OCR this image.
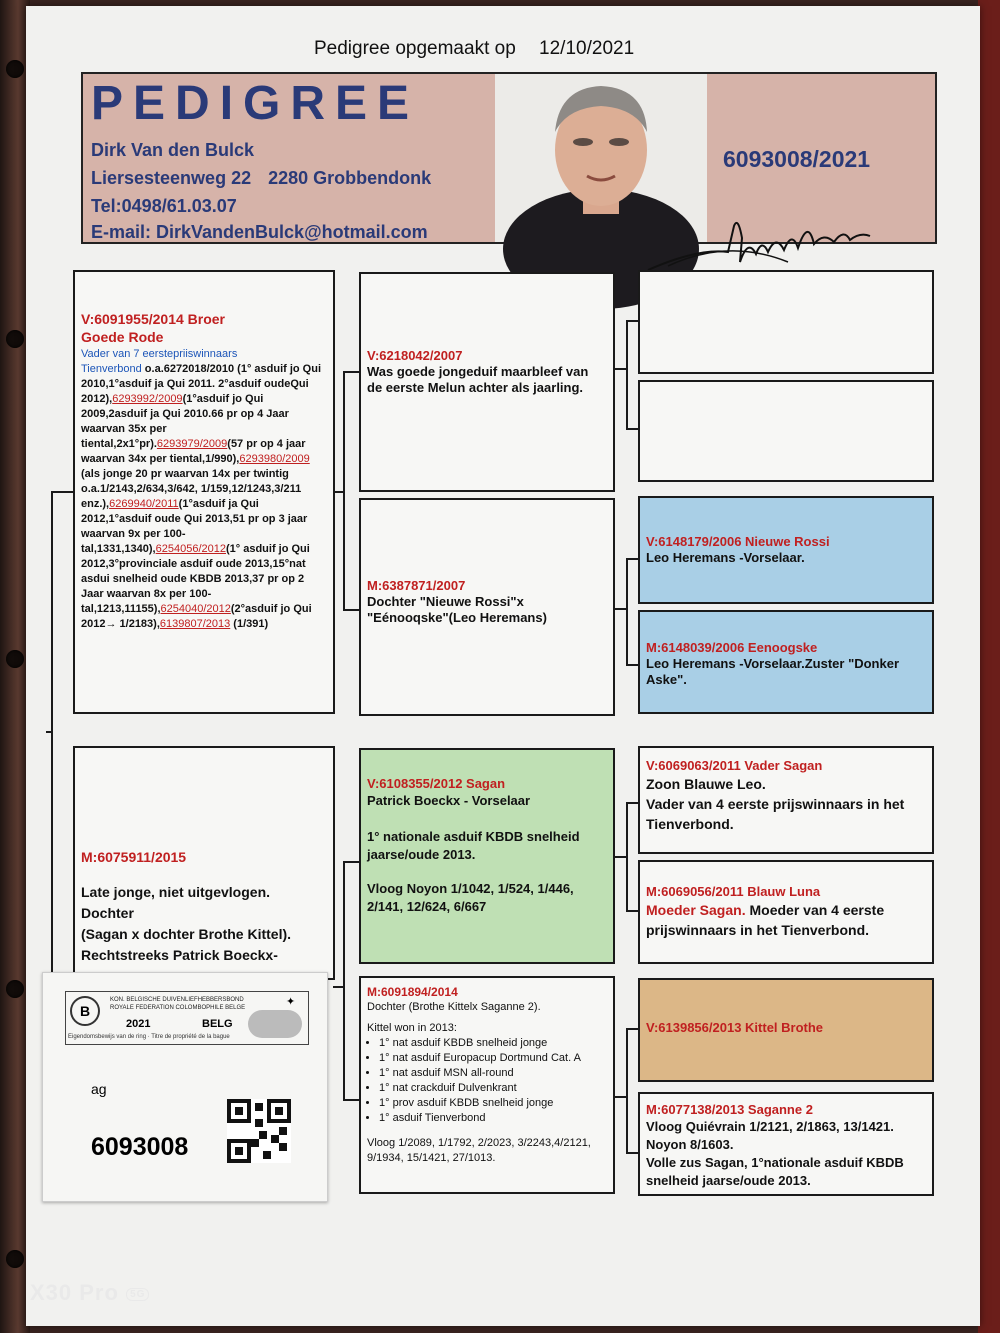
Pedigree opgemaakt op 12/10/2021
PEDIGREE
Dirk Van den Bulck
Liersesteenweg 22 2280 Grobbendonk
Tel:0498/61.03.07
E-mail: DirkVandenBulck@hotmail.com
6093008/2021
V:6091955/2014 Broer
Goede Rode
Vader van 7 eerstepriiswinnaars
Tienverbond o.a.6272018/2010 (1° asduif jo Qui 2010,1°asduif ja Qui 2011. 2°asduif oudeQui 2012),6293992/2009(1°asduif jo Qui 2009,2asduif ja Qui 2010.66 pr op 4 Jaar waarvan 35x per tiental,2x1°pr).6293979/2009(57 pr op 4 jaar waarvan 34x per tiental,1/990),6293980/2009 (als jonge 20 pr waarvan 14x per twintig o.a.1/2143,2/634,3/642, 1/159,12/1243,3/211 enz.),6269940/2011(1°asduif ja Qui 2012,1°asduif oude Qui 2013,51 pr op 3 jaar waarvan 9x per 100-tal,1331,1340),6254056/2012(1° asduif jo Qui 2012,3°provinciale asduif oude 2013,15°nat asdui snelheid oude KBDB 2013,37 pr op 2 Jaar waarvan 8x per 100-tal,1213,11155),6254040/2012(2°asduif jo Qui 2012→ 1/2183),6139807/2013 (1/391)
V:6218042/2007
Was goede jongeduif maarbleef van de eerste Melun achter als jaarling.
M:6387871/2007
Dochter "Nieuwe Rossi"x "Eénooqske"(Leo Heremans)
V:6148179/2006 Nieuwe Rossi
Leo Heremans -Vorselaar.
M:6148039/2006 Eenoogske
Leo Heremans -Vorselaar.Zuster "Donker Aske".
M:6075911/2015
Late jonge, niet uitgevlogen.
Dochter
(Sagan x dochter Brothe Kittel).
Rechtstreeks Patrick Boeckx-
B
KON. BELGISCHE DUIVENLIEFHEBBERSBOND
ROYALE FEDERATION COLOMBOPHILE BELGE	✦
2021	BELG
Eigendomsbewijs van de ring · Titre de propriété de la bague
ag
6093008
V:6108355/2012 Sagan
Patrick Boeckx - Vorselaar
1° nationale asduif KBDB snelheid jaarse/oude 2013.
Vloog Noyon 1/1042, 1/524, 1/446, 2/141, 12/624, 6/667
M:6091894/2014
Dochter (Brothe Kittelx Saganne 2).
Kittel won in 2013:
• 1° nat asduif KBDB snelheid jonge
• 1° nat asduif Europacup Dortmund Cat. A
• 1° nat asduif MSN all-round
• 1° nat crackduif Dulvenkrant
• 1° prov asduif KBDB snelheid jonge
• 1° asduif Tienverbond
Vloog 1/2089, 1/1792, 2/2023, 3/2243,4/2121, 9/1934, 15/1421, 27/1013.
V:6069063/2011 Vader Sagan
Zoon Blauwe Leo.
Vader van 4 eerste prijswinnaars in het Tienverbond.
M:6069056/2011 Blauw Luna
Moeder Sagan. Moeder van 4 eerste prijswinnaars in het Tienverbond.
V:6139856/2013 Kittel Brothe
M:6077138/2013 Saganne 2
Vloog Quiévrain 1/2121, 2/1863, 13/1421. Noyon 8/1603.
Volle zus Sagan, 1°nationale asduif KBDB snelheid jaarse/oude 2013.
X30 Pro 5G
